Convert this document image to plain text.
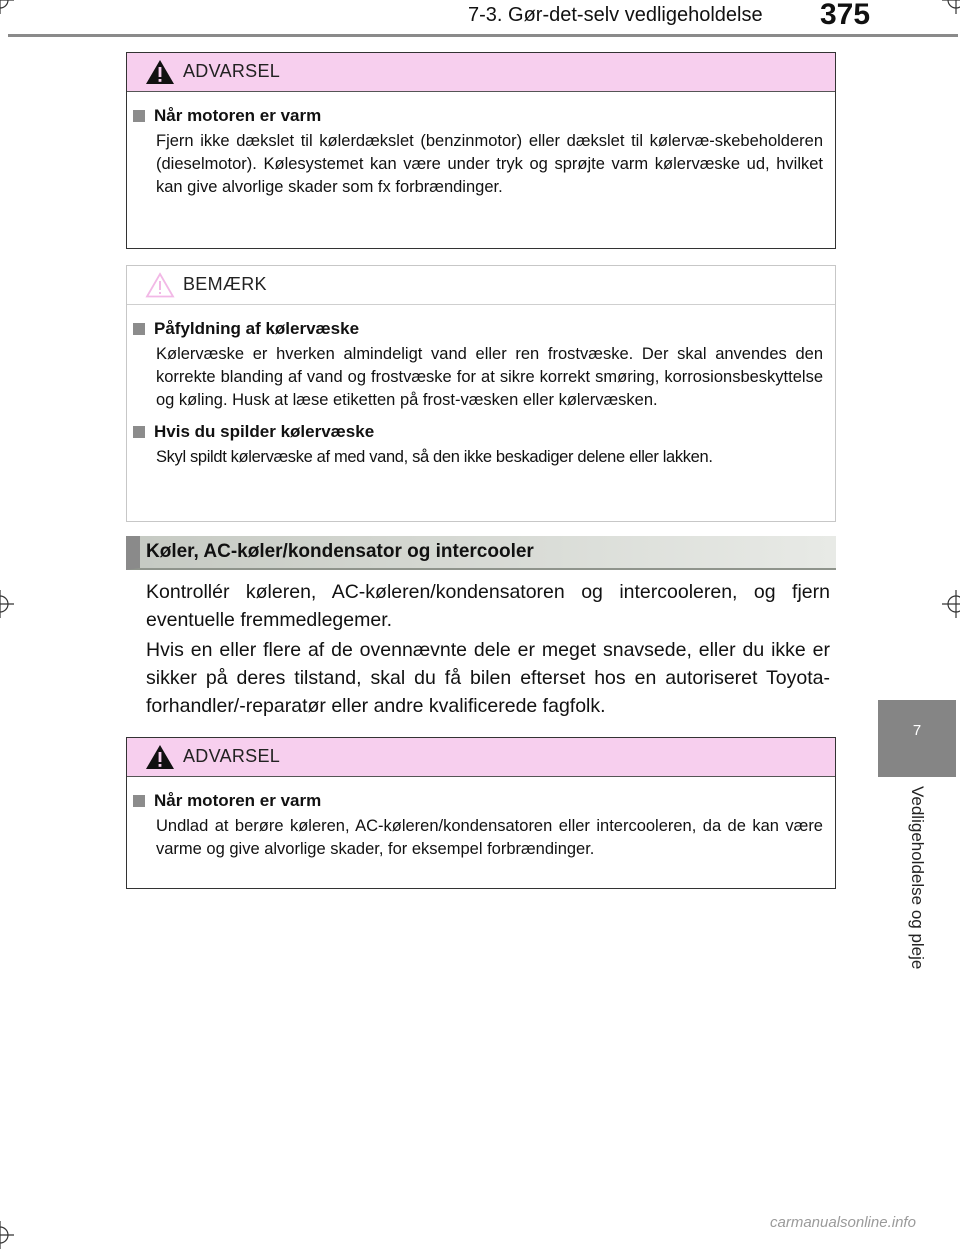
7-3. Gør-det-selv vedligeholdelse 375
7
Vedligeholdelse og pleje
ADVARSEL
Når motoren er varm
Fjern ikke dækslet til kølerdækslet (benzinmotor) eller dækslet til kølervæ-skebeholderen (dieselmotor). Kølesystemet kan være under tryk og sprøjte varm kølervæske ud, hvilket kan give alvorlige skader som fx forbrændinger.
BEMÆRK
Påfyldning af kølervæske
Kølervæske er hverken almindeligt vand eller ren frostvæske. Der skal anvendes den korrekte blanding af vand og frostvæske for at sikre korrekt smøring, korrosionsbeskyttelse og køling. Husk at læse etiketten på frost-væsken eller kølervæsken.
Hvis du spilder kølervæske
Skyl spildt kølervæske af med vand, så den ikke beskadiger delene eller lakken.
Køler, AC-køler/kondensator og intercooler

Kontrollér køleren, AC-køleren/kondensatoren og intercooleren, og fjern eventuelle fremmedlegemer.

Hvis en eller flere af de ovennævnte dele er meget snavsede, eller du ikke er sikker på deres tilstand, skal du få bilen efterset hos en autoriseret Toyota-forhandler/-reparatør eller andre kvalificerede fagfolk.

ADVARSEL
Når motoren er varm
Undlad at berøre køleren, AC-køleren/kondensatoren eller intercooleren, da de kan være varme og give alvorlige skader, for eksempel forbrændinger.
carmanualsonline.info
